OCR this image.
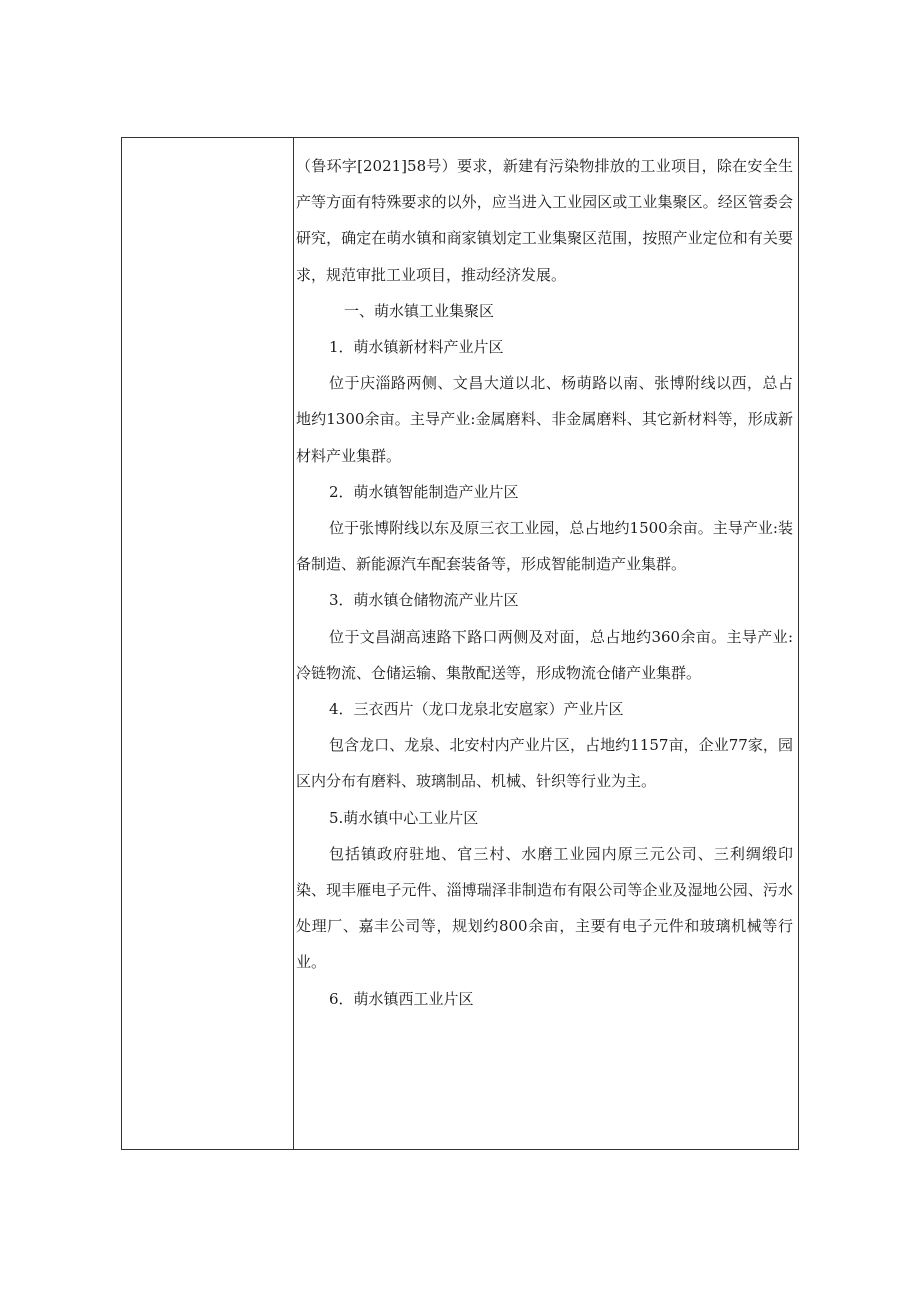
（鲁环字[2021]58号）要求，新建有污染物排放的工业项目，除在安全生产等方面有特殊要求的以外，应当进入工业园区或工业集聚区。经区管委会研究，确定在萌水镇和商家镇划定工业集聚区范围，按照产业定位和有关要求，规范审批工业项目，推动经济发展。

一、萌水镇工业集聚区

1．萌水镇新材料产业片区

位于庆淄路两侧、文昌大道以北、杨萌路以南、张博附线以西，总占地约1300余亩。主导产业:金属磨料、非金属磨料、其它新材料等，形成新材料产业集群。

2．萌水镇智能制造产业片区

位于张博附线以东及原三衣工业园，总占地约1500余亩。主导产业:装备制造、新能源汽车配套装备等，形成智能制造产业集群。

3．萌水镇仓储物流产业片区

位于文昌湖高速路下路口两侧及对面，总占地约360余亩。主导产业:冷链物流、仓储运输、集散配送等，形成物流仓储产业集群。

4．三衣西片（龙口龙泉北安扈家）产业片区

包含龙口、龙泉、北安村内产业片区，占地约1157亩，企业77家，园区内分布有磨料、玻璃制品、机械、针织等行业为主。

5.萌水镇中心工业片区

包括镇政府驻地、官三村、水磨工业园内原三元公司、三利绸缎印染、现丰雁电子元件、淄博瑞泽非制造布有限公司等企业及湿地公园、污水处理厂、嘉丰公司等，规划约800余亩，主要有电子元件和玻璃机械等行业。

6．萌水镇西工业片区
